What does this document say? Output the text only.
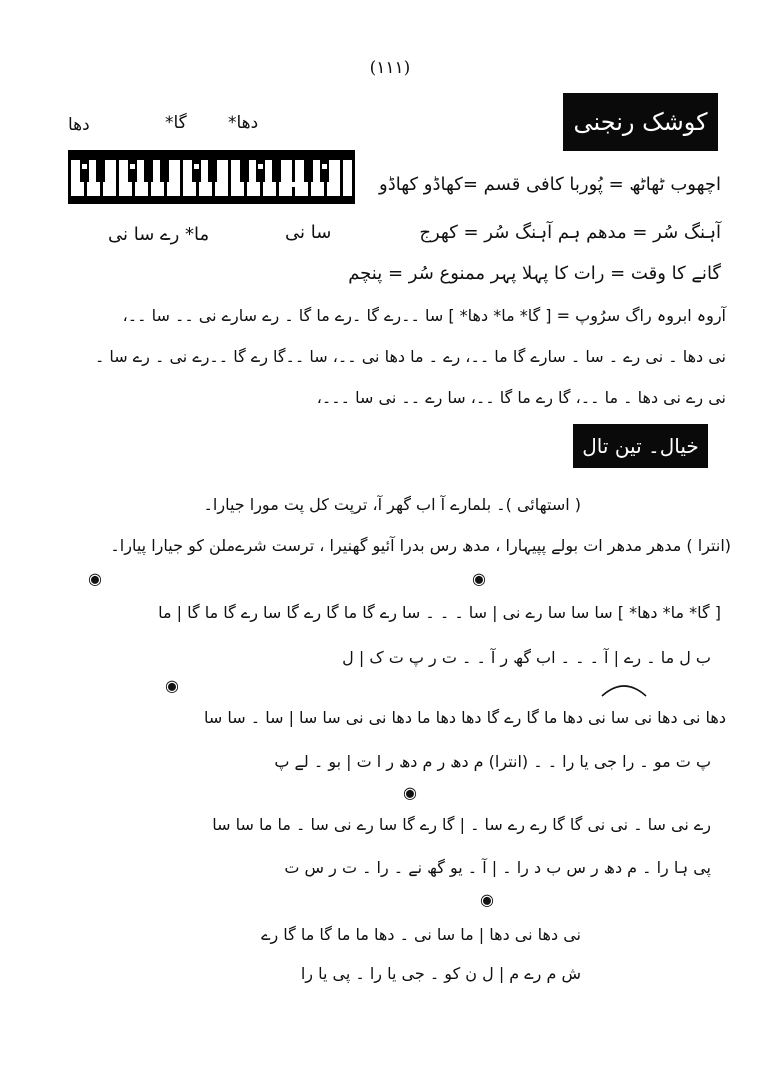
(۱۱۱)
کوشک رنجنی
دھا	گا* دھا*
اچھوب ٹھاٹھ = پُوربا کافی قسم =کھاڈو کھاڈو
آہنگ سُر = مدھم ہم آہنگ سُر = کھرج
سا نی
ما* رے سا نی
گانے کا وقت = رات کا پہلا پہر ممنوع سُر = پنچم
آروہ ابروہ راگ سرُوپ = [ گا* ما* دھا* ] سا ۔۔رے گا ۔رے ما گا ۔ رے سارے نی ۔۔ سا ۔۔،
نی دھا ۔ نی رے ۔ سا ۔ سارے گا ما ۔۔، رے ۔ ما دھا نی ۔۔، سا ۔۔گا رے گا ۔۔رے نی ۔ رے سا ۔
نی رے نی دھا ۔ ما ۔۔، گا رے ما گا ۔۔، سا رے ۔۔ نی سا ۔۔۔،
خیال۔ تین تال
( استھائی )۔ بلمارے آ اب گھر آ، ترپت کل پت مورا جیارا۔
(انترا ) مدھر مدھر ات بولے پپیہارا ، مدھ رس بدرا آئیو گھنیرا ، ترست شرےملن کو جیارا پیارا۔
◉	◉
◉
◉
◉
[ گا* ما* دھا* ] سا سا سا رے نی | سا ۔ ۔ ۔ سا رے گا ما گا رے گا سا رے گا ما گا | ما
ب ل ما ۔ رے | آ ۔ ۔ ۔ اب گھ ر آ ۔ ۔ ت ر پ ت ک | ل
دھا نی دھا نی سا نی دھا ما گا رے گا دھا دھا ما دھا نی نی سا سا | سا ۔ سا سا
پ ت مو ۔ را جی یا را ۔ ۔ (انترا) م دھ ر م دھ ر ا ت | بو ۔ لے پ
رے نی سا ۔ نی نی گا گا رے رے سا ۔ | گا رے گا سا رے نی سا ۔ ما ما سا سا
پی ہا را ۔ م دھ ر س ب د را ۔ | آ ۔ یو گھ نے ۔ را ۔ ت ر س ت
نی دھا نی دھا | ما سا نی ۔ دھا ما ما گا ما گا رے
ش م رے م | ل ن کو ۔ جی یا را ۔ پی یا را
